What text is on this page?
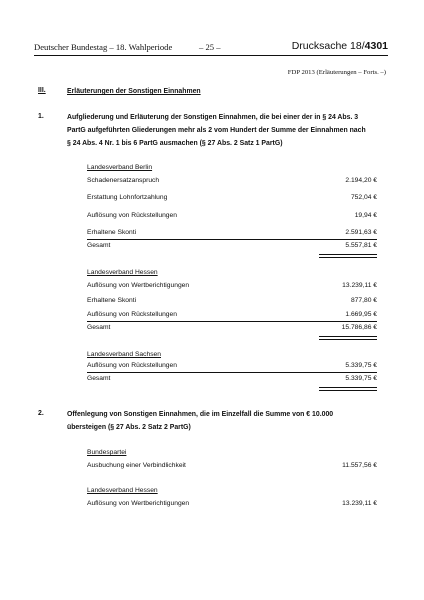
Deutscher Bundestag – 18. Wahlperiode	– 25 –	Drucksache 18/4301
FDP 2013 (Erläuterungen – Forts. –)
III.	Erläuterungen der Sonstigen Einnahmen
1.	Aufgliederung und Erläuterung der Sonstigen Einnahmen, die bei einer der in § 24 Abs. 3 PartG aufgeführten Gliederungen mehr als 2 vom Hundert der Summe der Einnahmen nach § 24 Abs. 4 Nr. 1 bis 6 PartG ausmachen (§ 27 Abs. 2 Satz 1 PartG)
Landesverband Berlin
Schadenersatzanspruch	2.194,20 €
Erstattung Lohnfortzahlung	752,04 €
Auflösung von Rückstellungen	19,94 €
Erhaltene Skonti	2.591,63 €
Gesamt	5.557,81 €
Landesverband Hessen
Auflösung von Wertberichtigungen	13.239,11 €
Erhaltene Skonti	877,80 €
Auflösung von Rückstellungen	1.669,95 €
Gesamt	15.786,86 €
Landesverband Sachsen
Auflösung von Rückstellungen	5.339,75 €
Gesamt	5.339,75 €
2.	Offenlegung von Sonstigen Einnahmen, die im Einzelfall die Summe von € 10.000 übersteigen (§ 27 Abs. 2 Satz 2 PartG)
Bundespartei
Ausbuchung einer Verbindlichkeit	11.557,56 €
Landesverband Hessen
Auflösung von Wertberichtigungen	13.239,11 €
